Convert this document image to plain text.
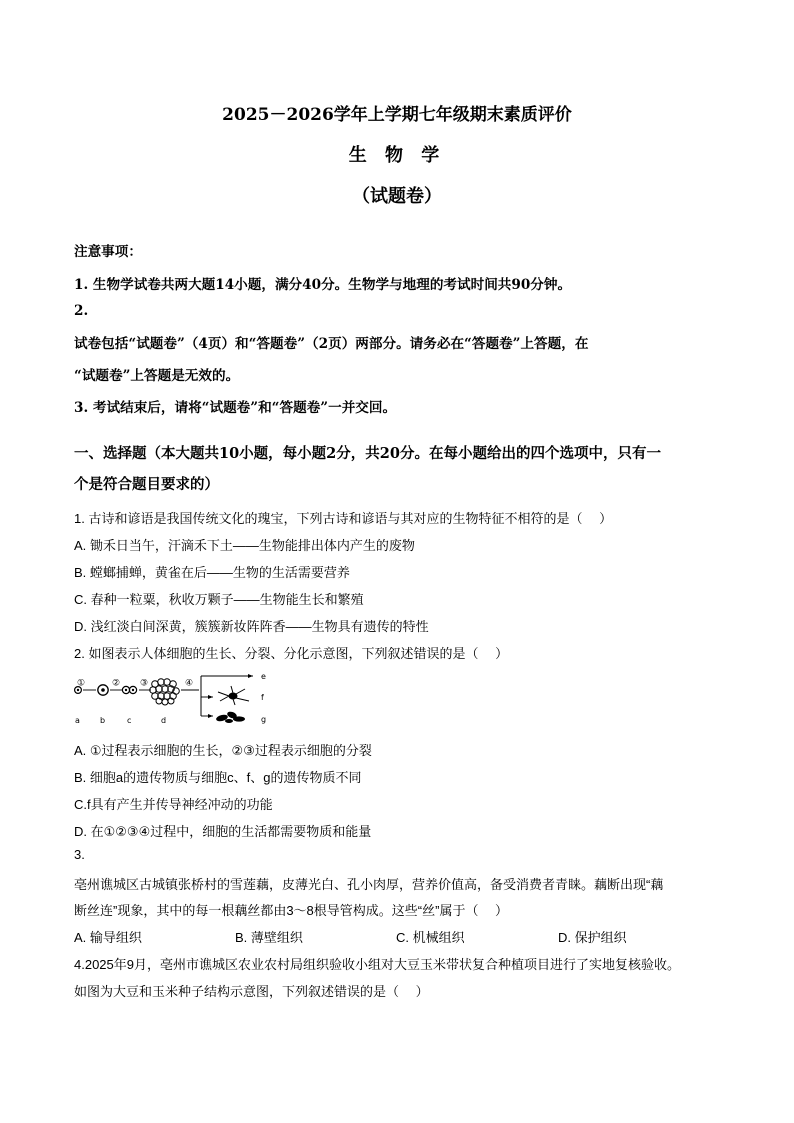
2025－2026学年上学期七年级期末素质评价
生 物 学
（试题卷）
注意事项：
1. 生物学试卷共两大题14小题，满分40分。生物学与地理的考试时间共90分钟。
2.
试卷包括“试题卷”（4页）和“答题卷”（2页）两部分。请务必在“答题卷”上答题，在
“试题卷”上答题是无效的。
3. 考试结束后，请将“试题卷”和“答题卷”一并交回。
一、选择题（本大题共10小题，每小题2分，共20分。在每小题给出的四个选项中，只有一
个是符合题目要求的）
1. 古诗和谚语是我国传统文化的瑰宝，下列古诗和谚语与其对应的生物特征不相符的是（　 ）
A. 锄禾日当午，汗滴禾下土——生物能排出体内产生的废物
B. 螳螂捕蝉，黄雀在后——生物的生活需要营养
C. 春种一粒粟，秋收万颗子——生物能生长和繁殖
D. 浅红淡白间深黄，簇簇新妆阵阵香——生物具有遗传的特性
2. 如图表示人体细胞的生长、分裂、分化示意图，下列叙述错误的是（　 ）
①	② ③	④
a	b	c	d
e
f
g
A. ①过程表示细胞的生长，②③过程表示细胞的分裂
B. 细胞a的遗传物质与细胞c、f、g的遗传物质不同
C.f具有产生并传导神经冲动的功能
D. 在①②③④过程中，细胞的生活都需要物质和能量
3.
亳州谯城区古城镇张桥村的雪莲藕，皮薄光白、孔小肉厚，营养价值高，备受消费者青睐。藕断出现“藕
断丝连”现象，其中的每一根藕丝都由3～8根导管构成。这些“丝”属于（　 ）
A. 输导组织	B. 薄壁组织	C. 机械组织	D. 保护组织
4.2025年9月，亳州市谯城区农业农村局组织验收小组对大豆玉米带状复合种植项目进行了实地复核验收。
如图为大豆和玉米种子结构示意图，下列叙述错误的是（　 ）
